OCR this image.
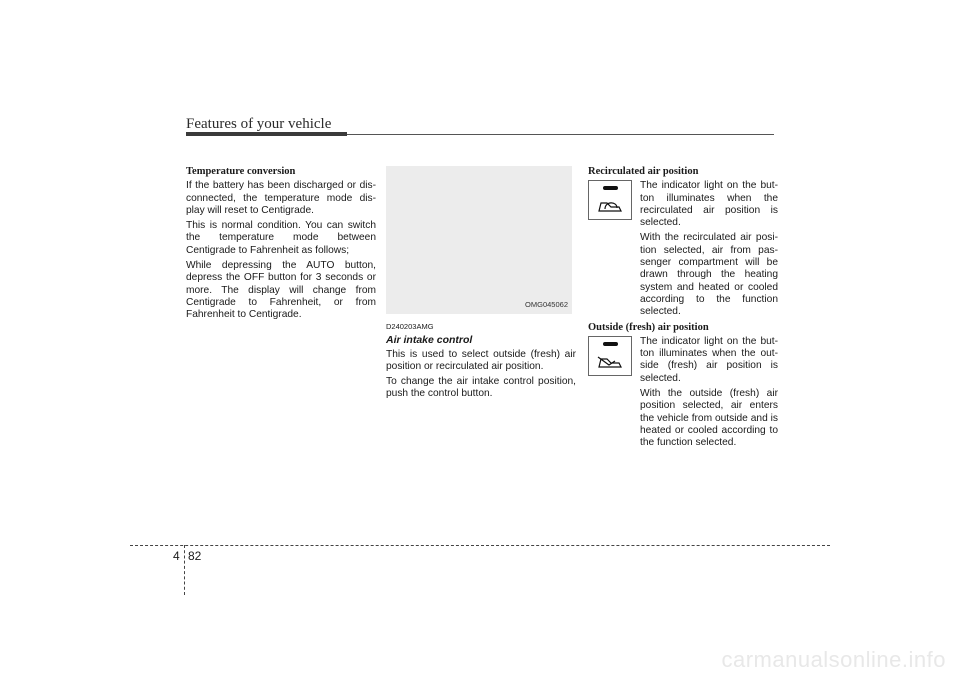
Features of your vehicle

Temperature conversion

If the battery has been discharged or dis- connected, the temperature mode dis- play will reset to Centigrade.

This is normal condition. You can switch the temperature mode between Centigrade to Fahrenheit as follows;

While depressing the AUTO button, depress the OFF button for 3 seconds or more. The display will change from Centigrade to Fahrenheit, or from Fahrenheit to Centigrade.

OMG045062

D240203AMG

Air intake control

This is used to select outside (fresh) air position or recirculated air position.

To change the air intake control position, push the control button.

Recirculated air position

The indicator light on the but- ton illuminates when the recirculated air position is selected.

With the recirculated air posi- tion selected, air from pas- senger compartment will be drawn through the heating system and heated or cooled according to the function selected.

Outside (fresh) air position

The indicator light on the but- ton illuminates when the out- side (fresh) air position is selected.

With the outside (fresh) air position selected, air enters the vehicle from outside and is heated or cooled according to the function selected.

4 82
carmanualsonline.info
